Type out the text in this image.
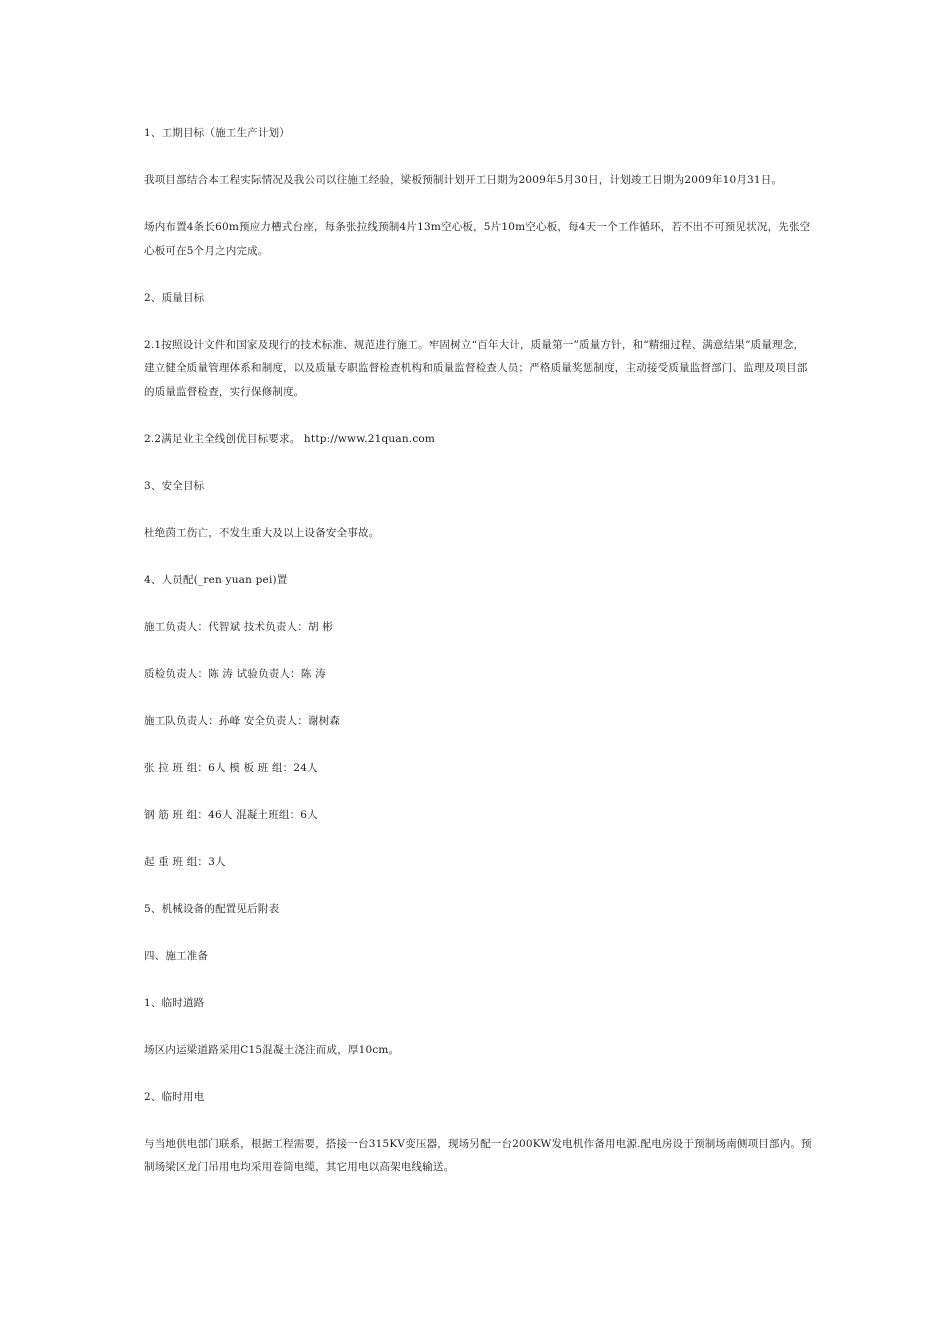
1、工期目标（施工生产计划）

我项目部结合本工程实际情况及我公司以往施工经验，梁板预制计划开工日期为2009年5月30日，计划竣工日期为2009年10月31日。

场内布置4条长60m预应力槽式台座，每条张拉线预制4片13m空心板，5片10m空心板，每4天一个工作循环，若不出不可预见状况，先张空心板可在5个月之内完成。

2、质量目标

2.1按照设计文件和国家及现行的技术标准、规范进行施工。牢固树立“百年大计，质量第一”质量方针，和“精细过程、满意结果”质量理念，建立健全质量管理体系和制度，以及质量专职监督检查机构和质量监督检查人员；严格质量奖惩制度，主动接受质量监督部门、监理及项目部的质量监督检查，实行保修制度。

2.2满足业主全线创优目标要求。 http://www.21quan.com

3、安全目标

杜绝茵工伤亡，不发生重大及以上设备安全事故。

4、人员配(_ren yuan pei)置

施工负责人：代智斌 技术负责人：胡 彬

质检负责人：陈 涛 试验负责人：陈 涛

施工队负责人：孙峰 安全负责人：谢树森

张 拉 班 组：6人 模 板 班 组：24人

钢 筋 班 组：46人 混凝土班组：6人

起 重 班 组：3人

5、机械设备的配置见后附表

四、施工准备

1、临时道路

场区内运梁道路采用C15混凝土浇注而成，厚10cm。

2、临时用电

与当地供电部门联系，根据工程需要，搭接一台315KV变压器，现场另配一台200KW发电机作备用电源.配电房设于预制场南侧项目部内。预制场梁区龙门吊用电均采用卷筒电缆，其它用电以高架电线输送。
